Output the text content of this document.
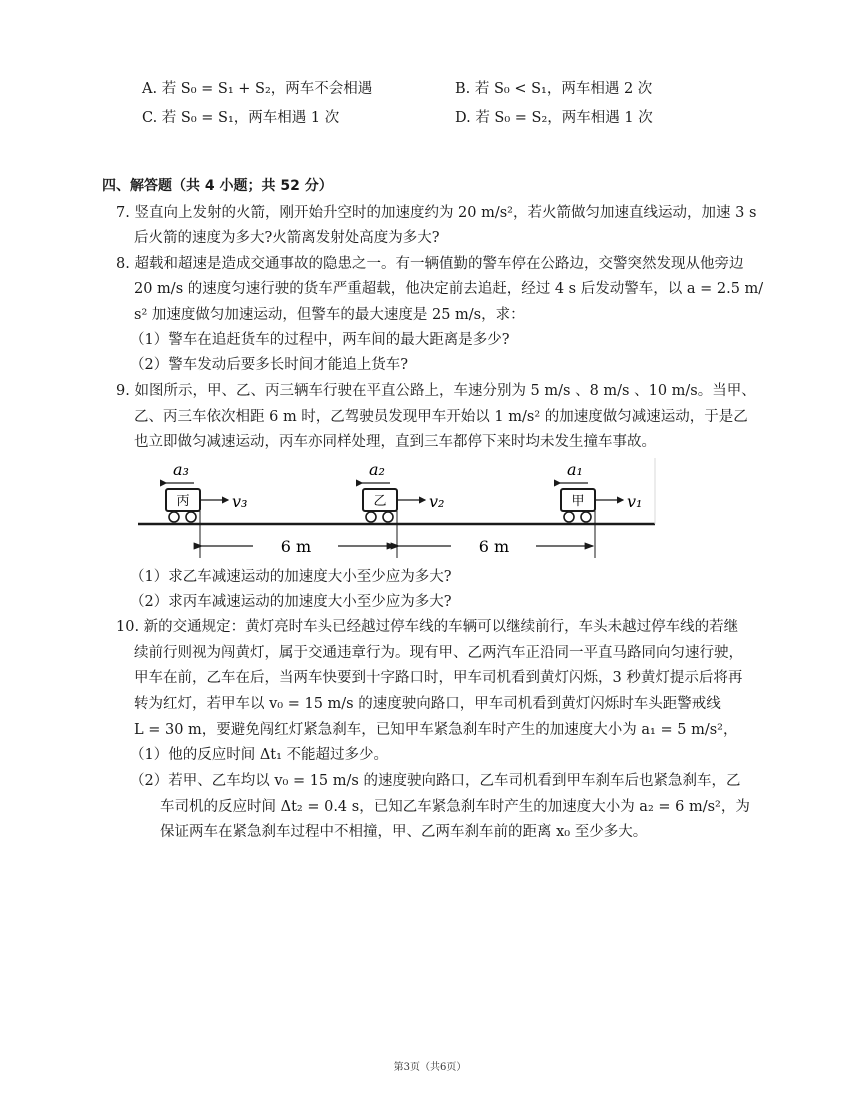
A. 若 S₀ = S₁ + S₂，两车不会相遇	B. 若 S₀ < S₁，两车相遇 2 次
C. 若 S₀ = S₁，两车相遇 1 次	D. 若 S₀ = S₂，两车相遇 1 次
四、解答题（共 4 小题；共 52 分）
7. 竖直向上发射的火箭，刚开始升空时的加速度约为 20 m/s²，若火箭做匀加速直线运动，加速 3 s
后火箭的速度为多大?火箭离发射处高度为多大?
8. 超载和超速是造成交通事故的隐患之一。有一辆值勤的警车停在公路边，交警突然发现从他旁边
20 m/s 的速度匀速行驶的货车严重超载，他决定前去追赶，经过 4 s 后发动警车，以 a = 2.5 m/
s² 加速度做匀加速运动，但警车的最大速度是 25 m/s，求：
（1）警车在追赶货车的过程中，两车间的最大距离是多少?
（2）警车发动后要多长时间才能追上货车?
9. 如图所示，甲、乙、丙三辆车行驶在平直公路上，车速分别为 5 m/s 、8 m/s 、10 m/s。当甲、
乙、丙三车依次相距 6 m 时，乙驾驶员发现甲车开始以 1 m/s² 的加速度做匀减速运动，于是乙
也立即做匀减速运动，丙车亦同样处理，直到三车都停下来时均未发生撞车事故。
a₃
丙	v₃
a₂
乙	v₂
a₁
甲	v₁
6 m	6 m
（1）求乙车减速运动的加速度大小至少应为多大?
（2）求丙车减速运动的加速度大小至少应为多大?
10. 新的交通规定：黄灯亮时车头已经越过停车线的车辆可以继续前行，车头未越过停车线的若继
续前行则视为闯黄灯，属于交通违章行为。现有甲、乙两汽车正沿同一平直马路同向匀速行驶，
甲车在前，乙车在后，当两车快要到十字路口时，甲车司机看到黄灯闪烁，3 秒黄灯提示后将再
转为红灯，若甲车以 v₀ = 15 m/s 的速度驶向路口，甲车司机看到黄灯闪烁时车头距警戒线
L = 30 m，要避免闯红灯紧急刹车，已知甲车紧急刹车时产生的加速度大小为 a₁ = 5 m/s²，
（1）他的反应时间 Δt₁ 不能超过多少。
（2）若甲、乙车均以 v₀ = 15 m/s 的速度驶向路口，乙车司机看到甲车刹车后也紧急刹车，乙
车司机的反应时间 Δt₂ = 0.4 s，已知乙车紧急刹车时产生的加速度大小为 a₂ = 6 m/s²，为
保证两车在紧急刹车过程中不相撞，甲、乙两车刹车前的距离 x₀ 至少多大。
第3页（共6页）
